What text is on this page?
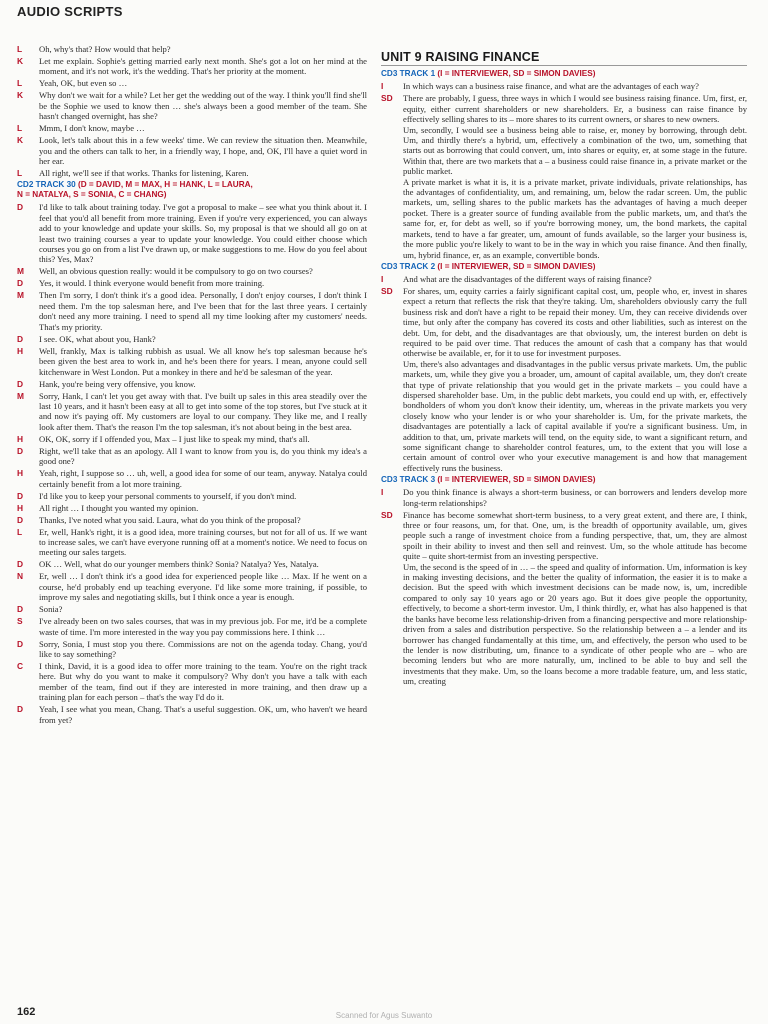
AUDIO SCRIPTS
L	Oh, why's that? How would that help?
K	Let me explain. Sophie's getting married early next month. She's got a lot on her mind at the moment, and it's not work, it's the wedding. That's her priority at the moment.
L	Yeah, OK, but even so …
K	Why don't we wait for a while? Let her get the wedding out of the way. I think you'll find she'll be the Sophie we used to know then … she's always been a good member of the team. She hasn't changed overnight, has she?
L	Mmm, I don't know, maybe …
K	Look, let's talk about this in a few weeks' time. We can review the situation then. Meanwhile, you and the others can talk to her, in a friendly way, I hope, and, OK, I'll have a quiet word in her ear.
L	All right, we'll see if that works. Thanks for listening, Karen.
CD2 TRACK 30 (D = DAVID, M = MAX, H = HANK, L = LAURA,
N = NATALYA, S = SONIA, C = CHANG)
D	I'd like to talk about training today. I've got a proposal to make – see what you think about it. I feel that you'd all benefit from more training. Even if you're very experienced, you can always add to your knowledge and update your skills. So, my proposal is that we should all go on at least two training courses a year to update your knowledge. You could either choose which courses you go on from a list I've drawn up, or make suggestions to me. How do you feel about this? Yes, Max?
M	Well, an obvious question really: would it be compulsory to go on two courses?
D	Yes, it would. I think everyone would benefit from more training.
M	Then I'm sorry, I don't think it's a good idea. Personally, I don't enjoy courses, I don't think I need them. I'm the top salesman here, and I've been that for the last three years. I certainly don't need any more training. I need to spend all my time looking after my customers' needs. That's my priority.
D	I see. OK, what about you, Hank?
H	Well, frankly, Max is talking rubbish as usual. We all know he's top salesman because he's been given the best area to work in, and he's been there for years. I mean, anyone could sell kitchenware in West London. Put a monkey in there and he'd be salesman of the year.
D	Hank, you're being very offensive, you know.
M	Sorry, Hank, I can't let you get away with that. I've built up sales in this area steadily over the last 10 years, and it hasn't been easy at all to get into some of the top stores, but I've stuck at it and now it's paying off. My customers are loyal to our company. They like me, and I really look after them. That's the reason I'm the top salesman, it's not about being in the best area.
H	OK, OK, sorry if I offended you, Max – I just like to speak my mind, that's all.
D	Right, we'll take that as an apology. All I want to know from you is, do you think my idea's a good one?
H	Yeah, right, I suppose so … uh, well, a good idea for some of our team, anyway. Natalya could certainly benefit from a lot more training.
D	I'd like you to keep your personal comments to yourself, if you don't mind.
H	All right … I thought you wanted my opinion.
D	Thanks, I've noted what you said. Laura, what do you think of the proposal?
L	Er, well, Hank's right, it is a good idea, more training courses, but not for all of us. If we want to increase sales, we can't have everyone running off at a moment's notice. We need to focus on meeting our sales targets.
D	OK … Well, what do our younger members think? Sonia? Natalya? Yes, Natalya.
N	Er, well … I don't think it's a good idea for experienced people like … Max. If he went on a course, he'd probably end up teaching everyone. I'd like some more training, if possible, to improve my sales and negotiating skills, but I think once a year is enough.
D	Sonia?
S	I've already been on two sales courses, that was in my previous job. For me, it'd be a complete waste of time. I'm more interested in the way you pay commissions here. I think …
D	Sorry, Sonia, I must stop you there. Commissions are not on the agenda today. Chang, you'd like to say something?
C	I think, David, it is a good idea to offer more training to the team. You're on the right track here. But why do you want to make it compulsory? Why don't you have a talk with each member of the team, find out if they are interested in more training, and then draw up a training plan for each person – that's the way I'd do it.
D	Yeah, I see what you mean, Chang. That's a useful suggestion. OK, um, who haven't we heard from yet?
UNIT 9 RAISING FINANCE
CD3 TRACK 1 (I = INTERVIEWER, SD = SIMON DAVIES)
I	In which ways can a business raise finance, and what are the advantages of each way?
SD	There are probably, I guess, three ways in which I would see business raising finance. Um, first, er, equity, either current shareholders or new shareholders. Er, a business can raise finance by effectively selling shares to its – more shares to its current owners, or shares to new owners.
Um, secondly, I would see a business being able to raise, er, money by borrowing, through debt. Um, and thirdly there's a hybrid, um, effectively a combination of the two, um, something that starts out as borrowing that could convert, um, into shares or equity, er, at some stage in the future. Within that, there are two markets that a – a business could raise finance in, a private market or the public market.
A private market is what it is, it is a private market, private individuals, private relationships, has the advantages of confidentiality, um, and remaining, um, below the radar screen. Um, the public markets, um, selling shares to the public markets has the advantages of having a much deeper pocket. There is a greater source of funding available from the public markets, um, and that's the same for, er, for debt as well, so if you're borrowing money, um, the bond markets, the capital markets, tend to have a far greater, um, amount of funds available, so the larger your business is, the more public you're likely to want to be in the way in which you raise finance. And then finally, um, hybrid finance, er, as an example, convertible bonds.
CD3 TRACK 2 (I = INTERVIEWER, SD = SIMON DAVIES)
I	And what are the disadvantages of the different ways of raising finance?
SD	For shares, um, equity carries a fairly significant capital cost, um, people who, er, invest in shares expect a return that reflects the risk that they're taking. Um, shareholders obviously carry the full business risk and don't have a right to be repaid their money. Um, they can receive dividends over time, but only after the company has covered its costs and other liabilities, such as interest on the debt. Um, for debt, and the disadvantages are that obviously, um, the interest burden on debt is required to be paid over time. That reduces the amount of cash that a company has that would otherwise be available, er, for it to use for investment purposes.
Um, there's also advantages and disadvantages in the public versus private markets. Um, the public markets, um, while they give you a broader, um, amount of capital available, um, they don't create that type of private relationship that you would get in the private markets – you could have a dispersed shareholder base. Um, in the public debt markets, you could end up with, er, effectively bondholders of whom you don't know their identity, um, whereas in the private markets you very closely know who your lender is or who your shareholder is. Um, for the private markets, the disadvantages are potentially a lack of capital available if you're a significant business. Um, in addition to that, um, private markets will tend, on the equity side, to want a significant return, and some significant change to shareholder control features, um, to the extent that you will lose a certain amount of control over who your executive management is and how that management effectively runs the business.
CD3 TRACK 3 (I = INTERVIEWER, SD = SIMON DAVIES)
I	Do you think finance is always a short-term business, or can borrowers and lenders develop more long-term relationships?
SD	Finance has become somewhat short-term business, to a very great extent, and there are, I think, three or four reasons, um, for that. One, um, is the breadth of opportunity available, um, gives people such a range of investment choice from a funding perspective, that, um, they are almost spoilt in their ability to invest and then sell and reinvest. Um, so the whole attitude has become quite – quite short-termist from an investing perspective.
Um, the second is the speed of in … – the speed and quality of information. Um, information is key in making investing decisions, and the better the quality of information, the easier it is to make a decision. But the speed with which investment decisions can be made now, is, um, incredible compared to only say 10 years ago or 20 years ago. But it does give people the opportunity, effectively, to become a short-term investor. Um, I think thirdly, er, what has also happened is that the banks have become less relationship-driven from a financing perspective and more relationship-driven from a sales and distribution perspective. So the relationship between a – a lender and its borrower has changed fundamentally at this time, um, and effectively, the person who used to be the lender is now distributing, um, finance to a syndicate of other people who are – who are becoming lenders but who are more naturally, um, inclined to be able to buy and sell the investments that they make. Um, so the loans become a more tradable feature, um, and less static, um, creating
162	Scanned for Agus Suwanto
